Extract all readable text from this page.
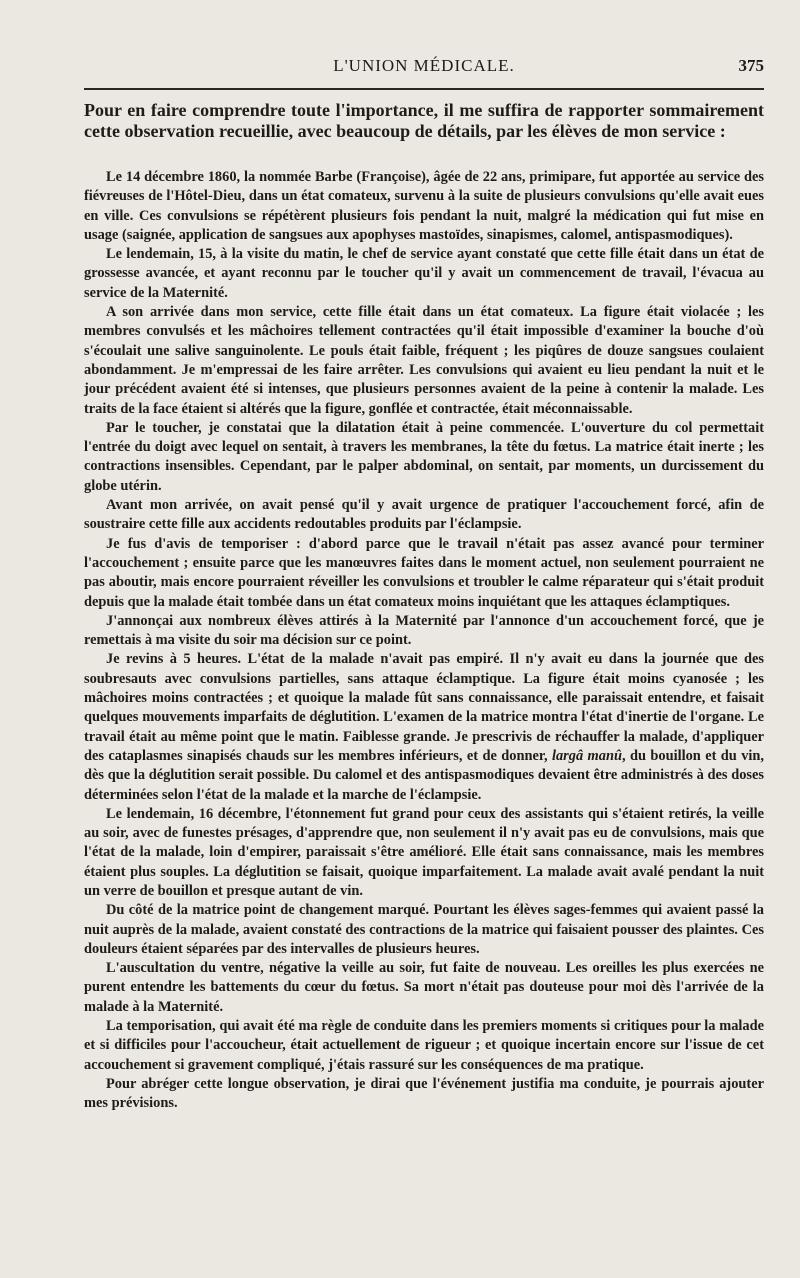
L'UNION MÉDICALE.	375

Pour en faire comprendre toute l'importance, il me suffira de rapporter sommairement cette observation recueillie, avec beaucoup de détails, par les élèves de mon service :

Le 14 décembre 1860, la nommée Barbe (Françoise), âgée de 22 ans, primipare, fut apportée au service des fiévreuses de l'Hôtel-Dieu, dans un état comateux, survenu à la suite de plusieurs convulsions qu'elle avait eues en ville. Ces convulsions se répétèrent plusieurs fois pendant la nuit, malgré la médication qui fut mise en usage (saignée, application de sangsues aux apophyses mastoïdes, sinapismes, calomel, antispasmodiques).

Le lendemain, 15, à la visite du matin, le chef de service ayant constaté que cette fille était dans un état de grossesse avancée, et ayant reconnu par le toucher qu'il y avait un commencement de travail, l'évacua au service de la Maternité.

A son arrivée dans mon service, cette fille était dans un état comateux. La figure était violacée ; les membres convulsés et les mâchoires tellement contractées qu'il était impossible d'examiner la bouche d'où s'écoulait une salive sanguinolente. Le pouls était faible, fréquent ; les piqûres de douze sangsues coulaient abondamment. Je m'empressai de les faire arrêter. Les convulsions qui avaient eu lieu pendant la nuit et le jour précédent avaient été si intenses, que plusieurs personnes avaient de la peine à contenir la malade. Les traits de la face étaient si altérés que la figure, gonflée et contractée, était méconnaissable.

Par le toucher, je constatai que la dilatation était à peine commencée. L'ouverture du col permettait l'entrée du doigt avec lequel on sentait, à travers les membranes, la tête du fœtus. La matrice était inerte ; les contractions insensibles. Cependant, par le palper abdominal, on sentait, par moments, un durcissement du globe utérin.

Avant mon arrivée, on avait pensé qu'il y avait urgence de pratiquer l'accouchement forcé, afin de soustraire cette fille aux accidents redoutables produits par l'éclampsie.

Je fus d'avis de temporiser : d'abord parce que le travail n'était pas assez avancé pour terminer l'accouchement ; ensuite parce que les manœuvres faites dans le moment actuel, non seulement pourraient ne pas aboutir, mais encore pourraient réveiller les convulsions et troubler le calme réparateur qui s'était produit depuis que la malade était tombée dans un état comateux moins inquiétant que les attaques éclamptiques.

J'annonçai aux nombreux élèves attirés à la Maternité par l'annonce d'un accouchement forcé, que je remettais à ma visite du soir ma décision sur ce point.

Je revins à 5 heures. L'état de la malade n'avait pas empiré. Il n'y avait eu dans la journée que des soubresauts avec convulsions partielles, sans attaque éclamptique. La figure était moins cyanosée ; les mâchoires moins contractées ; et quoique la malade fût sans connaissance, elle paraissait entendre, et faisait quelques mouvements imparfaits de déglutition. L'examen de la matrice montra l'état d'inertie de l'organe. Le travail était au même point que le matin. Faiblesse grande. Je prescrivis de réchauffer la malade, d'appliquer des cataplasmes sinapisés chauds sur les membres inférieurs, et de donner, largâ manû, du bouillon et du vin, dès que la déglutition serait possible. Du calomel et des antispasmodiques devaient être administrés à des doses déterminées selon l'état de la malade et la marche de l'éclampsie.

Le lendemain, 16 décembre, l'étonnement fut grand pour ceux des assistants qui s'étaient retirés, la veille au soir, avec de funestes présages, d'apprendre que, non seulement il n'y avait pas eu de convulsions, mais que l'état de la malade, loin d'empirer, paraissait s'être amélioré. Elle était sans connaissance, mais les membres étaient plus souples. La déglutition se faisait, quoique imparfaitement. La malade avait avalé pendant la nuit un verre de bouillon et presque autant de vin.

Du côté de la matrice point de changement marqué. Pourtant les élèves sages-femmes qui avaient passé la nuit auprès de la malade, avaient constaté des contractions de la matrice qui faisaient pousser des plaintes. Ces douleurs étaient séparées par des intervalles de plusieurs heures.

L'auscultation du ventre, négative la veille au soir, fut faite de nouveau. Les oreilles les plus exercées ne purent entendre les battements du cœur du fœtus. Sa mort n'était pas douteuse pour moi dès l'arrivée de la malade à la Maternité.

La temporisation, qui avait été ma règle de conduite dans les premiers moments si critiques pour la malade et si difficiles pour l'accoucheur, était actuellement de rigueur ; et quoique incertain encore sur l'issue de cet accouchement si gravement compliqué, j'étais rassuré sur les conséquences de ma pratique.

Pour abréger cette longue observation, je dirai que l'événement justifia ma conduite, je pourrais ajouter mes prévisions.
